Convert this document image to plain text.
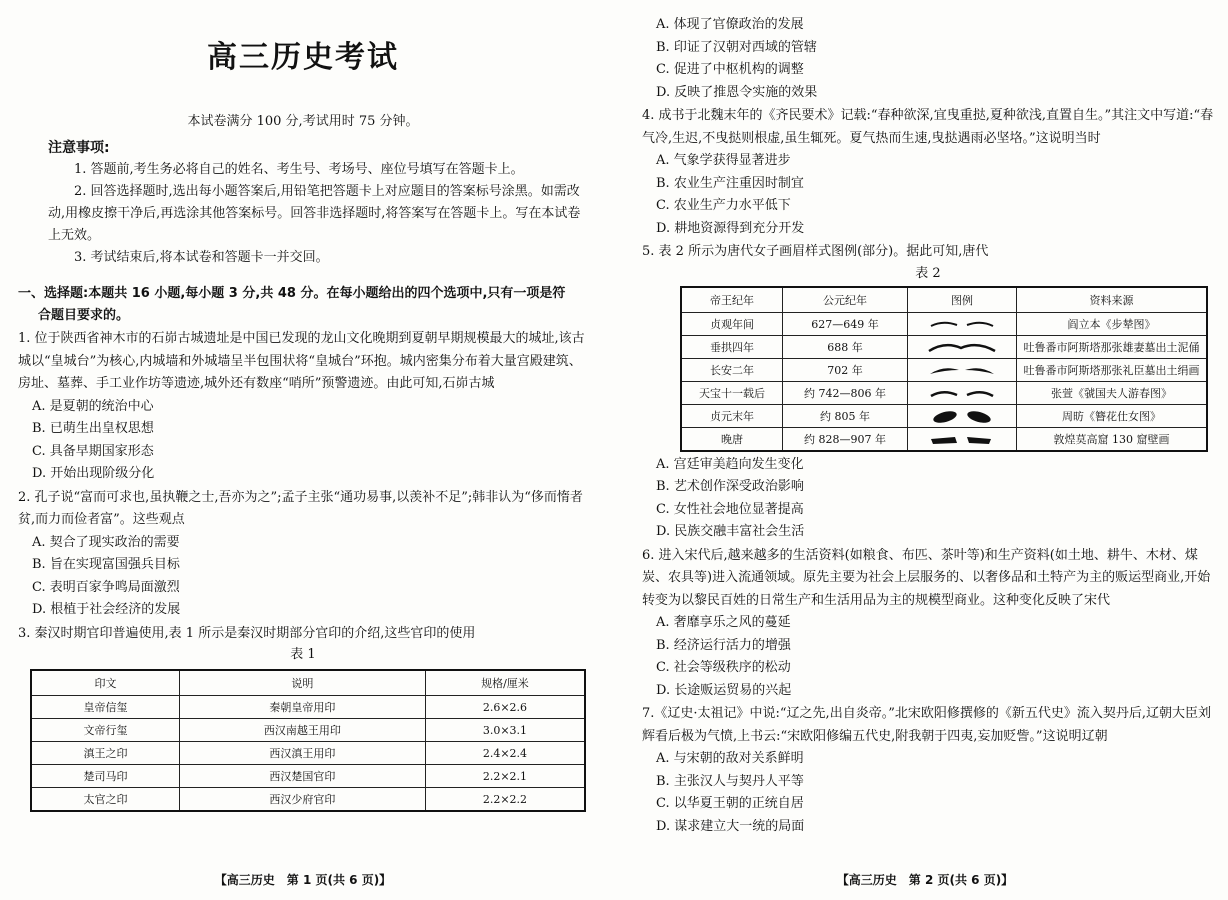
高三历史考试
本试卷满分 100 分,考试用时 75 分钟。
注意事项:
1. 答题前,考生务必将自己的姓名、考生号、考场号、座位号填写在答题卡上。
2. 回答选择题时,选出每小题答案后,用铅笔把答题卡上对应题目的答案标号涂黑。如需改动,用橡皮擦干净后,再选涂其他答案标号。回答非选择题时,将答案写在答题卡上。写在本试卷上无效。
3. 考试结束后,将本试卷和答题卡一并交回。
一、选择题:本题共 16 小题,每小题 3 分,共 48 分。在每小题给出的四个选项中,只有一项是符
合题目要求的。
1. 位于陕西省神木市的石峁古城遗址是中国已发现的龙山文化晚期到夏朝早期规模最大的城址,该古城以“皇城台”为核心,内城墙和外城墙呈半包围状将“皇城台”环抱。城内密集分布着大量宫殿建筑、房址、墓葬、手工业作坊等遗迹,城外还有数座“哨所”预警遗迹。由此可知,石峁古城
A. 是夏朝的统治中心
B. 已萌生出皇权思想
C. 具备早期国家形态
D. 开始出现阶级分化
2. 孔子说“富而可求也,虽执鞭之士,吾亦为之”;孟子主张“通功易事,以羡补不足”;韩非认为“侈而惰者贫,而力而俭者富”。这些观点
A. 契合了现实政治的需要
B. 旨在实现富国强兵目标
C. 表明百家争鸣局面激烈
D. 根植于社会经济的发展
3. 秦汉时期官印普遍使用,表 1 所示是秦汉时期部分官印的介绍,这些官印的使用
表 1
印文	说明	规格/厘米
皇帝信玺	秦朝皇帝用印	2.6×2.6
文帝行玺	西汉南越王用印	3.0×3.1
滇王之印	西汉滇王用印	2.4×2.4
楚司马印	西汉楚国官印	2.2×2.1
太官之印	西汉少府官印	2.2×2.2
【高三历史　第 1 页(共 6 页)】
A. 体现了官僚政治的发展
B. 印证了汉朝对西域的管辖
C. 促进了中枢机构的调整
D. 反映了推恩令实施的效果
4. 成书于北魏末年的《齐民要术》记载:“春种欲深,宜曳重挞,夏种欲浅,直置自生。”其注文中写道:“春气冷,生迟,不曳挞则根虚,虽生辄死。夏气热而生速,曳挞遇雨必坚垎。”这说明当时
A. 气象学获得显著进步
B. 农业生产注重因时制宜
C. 农业生产力水平低下
D. 耕地资源得到充分开发
5. 表 2 所示为唐代女子画眉样式图例(部分)。据此可知,唐代
表 2
帝王纪年	公元纪年	图例	资料来源
贞观年间	627—649 年		阎立本《步辇图》
垂拱四年	688 年		吐鲁番市阿斯塔那张雄妻墓出土泥俑
长安二年	702 年		吐鲁番市阿斯塔那张礼臣墓出土绢画
天宝十一载后	约 742—806 年		张萱《虢国夫人游春图》
贞元末年	约 805 年		周昉《簪花仕女图》
晚唐	约 828—907 年		敦煌莫高窟 130 窟壁画
A. 宫廷审美趋向发生变化
B. 艺术创作深受政治影响
C. 女性社会地位显著提高
D. 民族交融丰富社会生活
6. 进入宋代后,越来越多的生活资料(如粮食、布匹、茶叶等)和生产资料(如土地、耕牛、木材、煤炭、农具等)进入流通领域。原先主要为社会上层服务的、以奢侈品和土特产为主的贩运型商业,开始转变为以黎民百姓的日常生产和生活用品为主的规模型商业。这种变化反映了宋代
A. 奢靡享乐之风的蔓延
B. 经济运行活力的增强
C. 社会等级秩序的松动
D. 长途贩运贸易的兴起
7.《辽史·太祖记》中说:“辽之先,出自炎帝。”北宋欧阳修撰修的《新五代史》流入契丹后,辽朝大臣刘辉看后极为气愤,上书云:“宋欧阳修编五代史,附我朝于四夷,妄加贬訾。”这说明辽朝
A. 与宋朝的敌对关系鲜明
B. 主张汉人与契丹人平等
C. 以华夏王朝的正统自居
D. 谋求建立大一统的局面
【高三历史　第 2 页(共 6 页)】
